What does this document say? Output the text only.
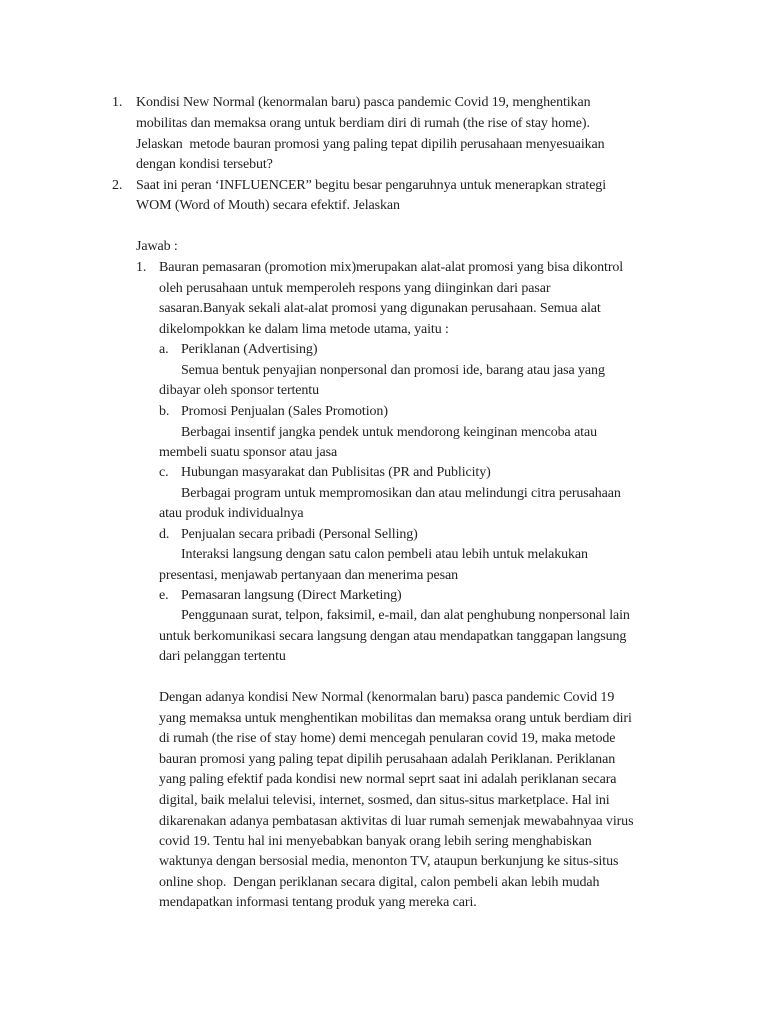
1. Kondisi New Normal (kenormalan baru) pasca pandemic Covid 19, menghentikan
mobilitas dan memaksa orang untuk berdiam diri di rumah (the rise of stay home).
Jelaskan  metode bauran promosi yang paling tepat dipilih perusahaan menyesuaikan
dengan kondisi tersebut?
2. Saat ini peran ‘INFLUENCER” begitu besar pengaruhnya untuk menerapkan strategi
WOM (Word of Mouth) secara efektif. Jelaskan
Jawab :
1. Bauran pemasaran (promotion mix)merupakan alat-alat promosi yang bisa dikontrol
oleh perusahaan untuk memperoleh respons yang diinginkan dari pasar
sasaran.Banyak sekali alat-alat promosi yang digunakan perusahaan. Semua alat
dikelompokkan ke dalam lima metode utama, yaitu :
a. Periklanan (Advertising)
Semua bentuk penyajian nonpersonal dan promosi ide, barang atau jasa yang
dibayar oleh sponsor tertentu
b. Promosi Penjualan (Sales Promotion)
Berbagai insentif jangka pendek untuk mendorong keinginan mencoba atau
membeli suatu sponsor atau jasa
c. Hubungan masyarakat dan Publisitas (PR and Publicity)
Berbagai program untuk mempromosikan dan atau melindungi citra perusahaan
atau produk individualnya
d. Penjualan secara pribadi (Personal Selling)
Interaksi langsung dengan satu calon pembeli atau lebih untuk melakukan
presentasi, menjawab pertanyaan dan menerima pesan
e. Pemasaran langsung (Direct Marketing)
Penggunaan surat, telpon, faksimil, e-mail, dan alat penghubung nonpersonal lain
untuk berkomunikasi secara langsung dengan atau mendapatkan tanggapan langsung
dari pelanggan tertentu
Dengan adanya kondisi New Normal (kenormalan baru) pasca pandemic Covid 19
yang memaksa untuk menghentikan mobilitas dan memaksa orang untuk berdiam diri
di rumah (the rise of stay home) demi mencegah penularan covid 19, maka metode
bauran promosi yang paling tepat dipilih perusahaan adalah Periklanan. Periklanan
yang paling efektif pada kondisi new normal seprt saat ini adalah periklanan secara
digital, baik melalui televisi, internet, sosmed, dan situs-situs marketplace. Hal ini
dikarenakan adanya pembatasan aktivitas di luar rumah semenjak mewabahnyaa virus
covid 19. Tentu hal ini menyebabkan banyak orang lebih sering menghabiskan
waktunya dengan bersosial media, menonton TV, ataupun berkunjung ke situs-situs
online shop.  Dengan periklanan secara digital, calon pembeli akan lebih mudah
mendapatkan informasi tentang produk yang mereka cari.
